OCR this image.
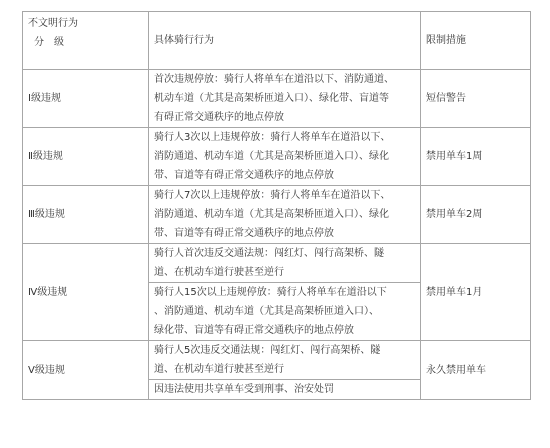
不文明行为
分　级	具体骑行行为	限制措施
Ⅰ级违规	首次违规停放：骑行人将单车在道沿以下、消防通道、
机动车道（尤其是高架桥匝道入口）、绿化带、盲道等
有碍正常交通秩序的地点停放	短信警告
Ⅱ级违规	骑行人3次以上违规停放：骑行人将单车在道沿以下、
消防通道、机动车道（尤其是高架桥匝道入口）、绿化
带、盲道等有碍正常交通秩序的地点停放	禁用单车1周
Ⅲ级违规	骑行人7次以上违规停放：骑行人将单车在道沿以下、
消防通道、机动车道（尤其是高架桥匝道入口）、绿化
带、盲道等有碍正常交通秩序的地点停放	禁用单车2周
Ⅳ级违规	骑行人首次违反交通法规：闯红灯、闯行高架桥、隧
道、在机动车道行驶甚至逆行	禁用单车1月

	骑行人15次以上违规停放：骑行人将单车在道沿以下
、消防通道、机动车道（尤其是高架桥匝道入口）、
绿化带、盲道等有碍正常交通秩序的地点停放	

Ⅴ级违规	骑行人5次违反交通法规：闯红灯、闯行高架桥、隧
道、在机动车道行驶甚至逆行	永久禁用单车

	因违法使用共享单车受到刑事、治安处罚	
